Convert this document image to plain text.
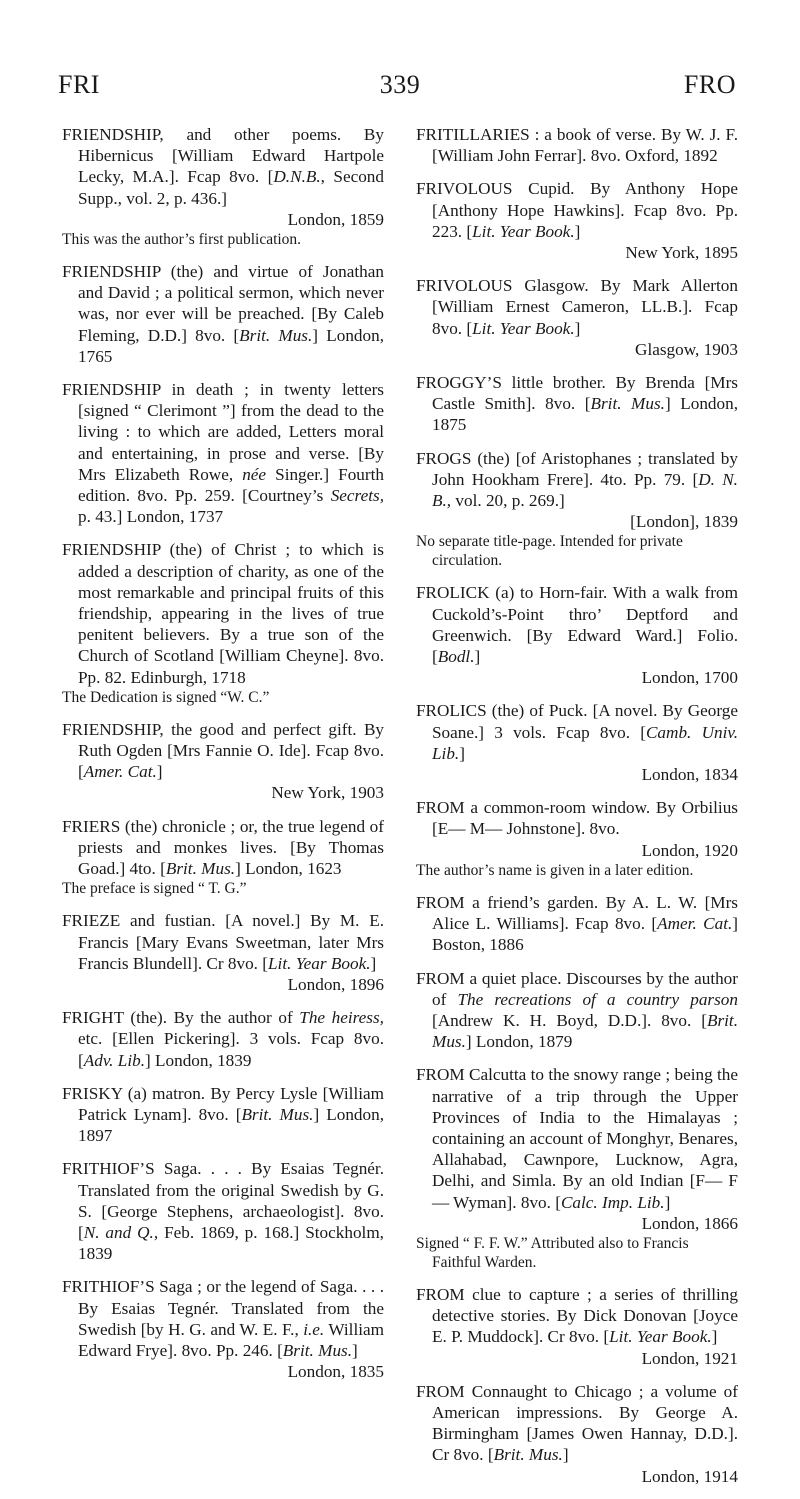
FRI	339	FRO
FRIENDSHIP, and other poems. By Hibernicus [William Edward Hartpole Lecky, M.A.]. Fcap 8vo. [D.N.B., Second Supp., vol. 2, p. 436.]
London, 1859
This was the author’s first publication.
FRIENDSHIP (the) and virtue of Jonathan and David ; a political sermon, which never was, nor ever will be preached. [By Caleb Fleming, D.D.] 8vo. [Brit. Mus.] London, 1765
FRIENDSHIP in death ; in twenty letters [signed “ Clerimont ”] from the dead to the living : to which are added, Letters moral and entertaining, in prose and verse. [By Mrs Elizabeth Rowe, née Singer.] Fourth edition. 8vo. Pp. 259. [Courtney’s Secrets, p. 43.] London, 1737
FRIENDSHIP (the) of Christ ; to which is added a description of charity, as one of the most remarkable and principal fruits of this friendship, appearing in the lives of true penitent believers. By a true son of the Church of Scotland [William Cheyne]. 8vo. Pp. 82. Edinburgh, 1718
The Dedication is signed “W. C.”
FRIENDSHIP, the good and perfect gift. By Ruth Ogden [Mrs Fannie O. Ide]. Fcap 8vo. [Amer. Cat.]
New York, 1903
FRIERS (the) chronicle ; or, the true legend of priests and monkes lives. [By Thomas Goad.] 4to. [Brit. Mus.] London, 1623
The preface is signed “ T. G.”
FRIEZE and fustian. [A novel.] By M. E. Francis [Mary Evans Sweetman, later Mrs Francis Blundell]. Cr 8vo. [Lit. Year Book.]
London, 1896
FRIGHT (the). By the author of The heiress, etc. [Ellen Pickering]. 3 vols. Fcap 8vo. [Adv. Lib.] London, 1839
FRISKY (a) matron. By Percy Lysle [William Patrick Lynam]. 8vo. [Brit. Mus.] London, 1897
FRITHIOF’S Saga. . . . By Esaias Tegnér. Translated from the original Swedish by G. S. [George Stephens, archaeologist]. 8vo. [N. and Q., Feb. 1869, p. 168.] Stockholm, 1839
FRITHIOF’S Saga ; or the legend of Saga. . . . By Esaias Tegnér. Translated from the Swedish [by H. G. and W. E. F., i.e. William Edward Frye]. 8vo. Pp. 246. [Brit. Mus.]
London, 1835
FRITILLARIES : a book of verse. By W. J. F. [William John Ferrar]. 8vo. Oxford, 1892
FRIVOLOUS Cupid. By Anthony Hope [Anthony Hope Hawkins]. Fcap 8vo. Pp. 223. [Lit. Year Book.]
New York, 1895
FRIVOLOUS Glasgow. By Mark Allerton [William Ernest Cameron, LL.B.]. Fcap 8vo. [Lit. Year Book.]
Glasgow, 1903
FROGGY’S little brother. By Brenda [Mrs Castle Smith]. 8vo. [Brit. Mus.] London, 1875
FROGS (the) [of Aristophanes ; translated by John Hookham Frere]. 4to. Pp. 79. [D. N. B., vol. 20, p. 269.]
[London], 1839
No separate title-page. Intended for private circulation.
FROLICK (a) to Horn-fair. With a walk from Cuckold’s-Point thro’ Deptford and Greenwich. [By Edward Ward.] Folio. [Bodl.]
London, 1700
FROLICS (the) of Puck. [A novel. By George Soane.] 3 vols. Fcap 8vo. [Camb. Univ. Lib.]
London, 1834
FROM a common-room window. By Orbilius [E— M— Johnstone]. 8vo.
London, 1920
The author’s name is given in a later edition.
FROM a friend’s garden. By A. L. W. [Mrs Alice L. Williams]. Fcap 8vo. [Amer. Cat.] Boston, 1886
FROM a quiet place. Discourses by the author of The recreations of a country parson [Andrew K. H. Boyd, D.D.]. 8vo. [Brit. Mus.] London, 1879
FROM Calcutta to the snowy range ; being the narrative of a trip through the Upper Provinces of India to the Himalayas ; containing an account of Monghyr, Benares, Allahabad, Cawnpore, Lucknow, Agra, Delhi, and Simla. By an old Indian [F— F— Wyman]. 8vo. [Calc. Imp. Lib.]
London, 1866
Signed “ F. F. W.” Attributed also to Francis Faithful Warden.
FROM clue to capture ; a series of thrilling detective stories. By Dick Donovan [Joyce E. P. Muddock]. Cr 8vo. [Lit. Year Book.]
London, 1921
FROM Connaught to Chicago ; a volume of American impressions. By George A. Birmingham [James Owen Hannay, D.D.]. Cr 8vo. [Brit. Mus.]
London, 1914
